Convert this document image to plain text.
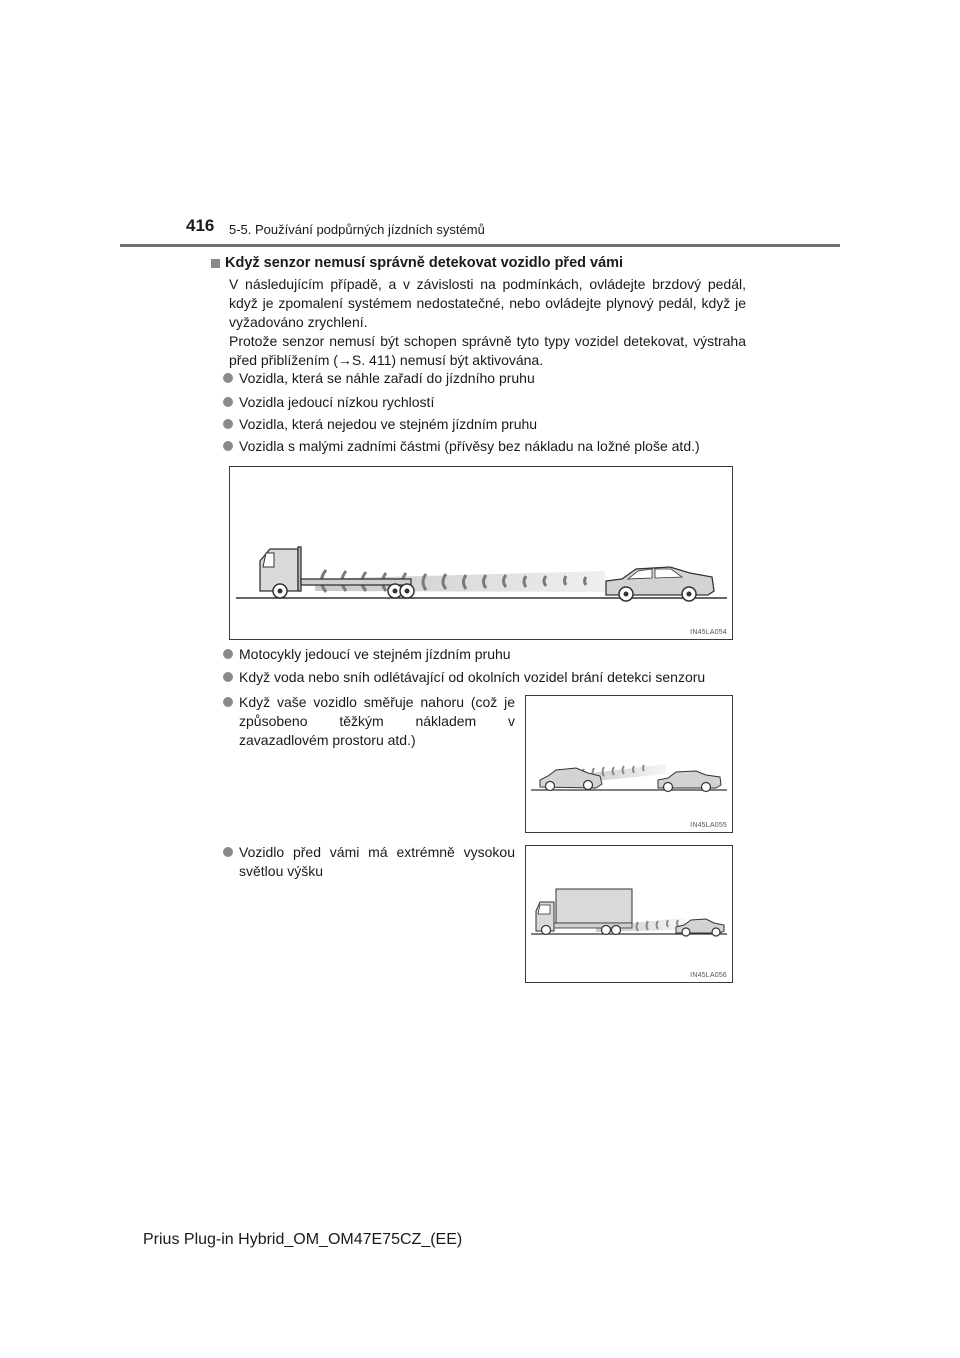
416 5-5. Používání podpůrných jízdních systémů
Když senzor nemusí správně detekovat vozidlo před vámi
V následujícím případě, a v závislosti na podmínkách, ovládejte brzdový pedál, když je zpomalení systémem nedostatečné, nebo ovládejte plynový pedál, když je vyžadováno zrychlení.
Protože senzor nemusí být schopen správně tyto typy vozidel detekovat, výstraha před přiblížením (→S. 411) nemusí být aktivována.
Vozidla, která se náhle zařadí do jízdního pruhu
Vozidla jedoucí nízkou rychlostí
Vozidla, která nejedou ve stejném jízdním pruhu
Vozidla s malými zadními částmi (přívěsy bez nákladu na ložné ploše atd.)
IN45LA054
Motocykly jedoucí ve stejném jízdním pruhu
Když voda nebo sníh odlétávající od okolních vozidel brání detekci senzoru
Když vaše vozidlo směřuje nahoru (což je způsobeno těžkým nákladem v zavazadlovém prostoru atd.)
IN45LA055
Vozidlo před vámi má extrémně vysokou světlou výšku
IN45LA056
Prius Plug-in Hybrid_OM_OM47E75CZ_(EE)
